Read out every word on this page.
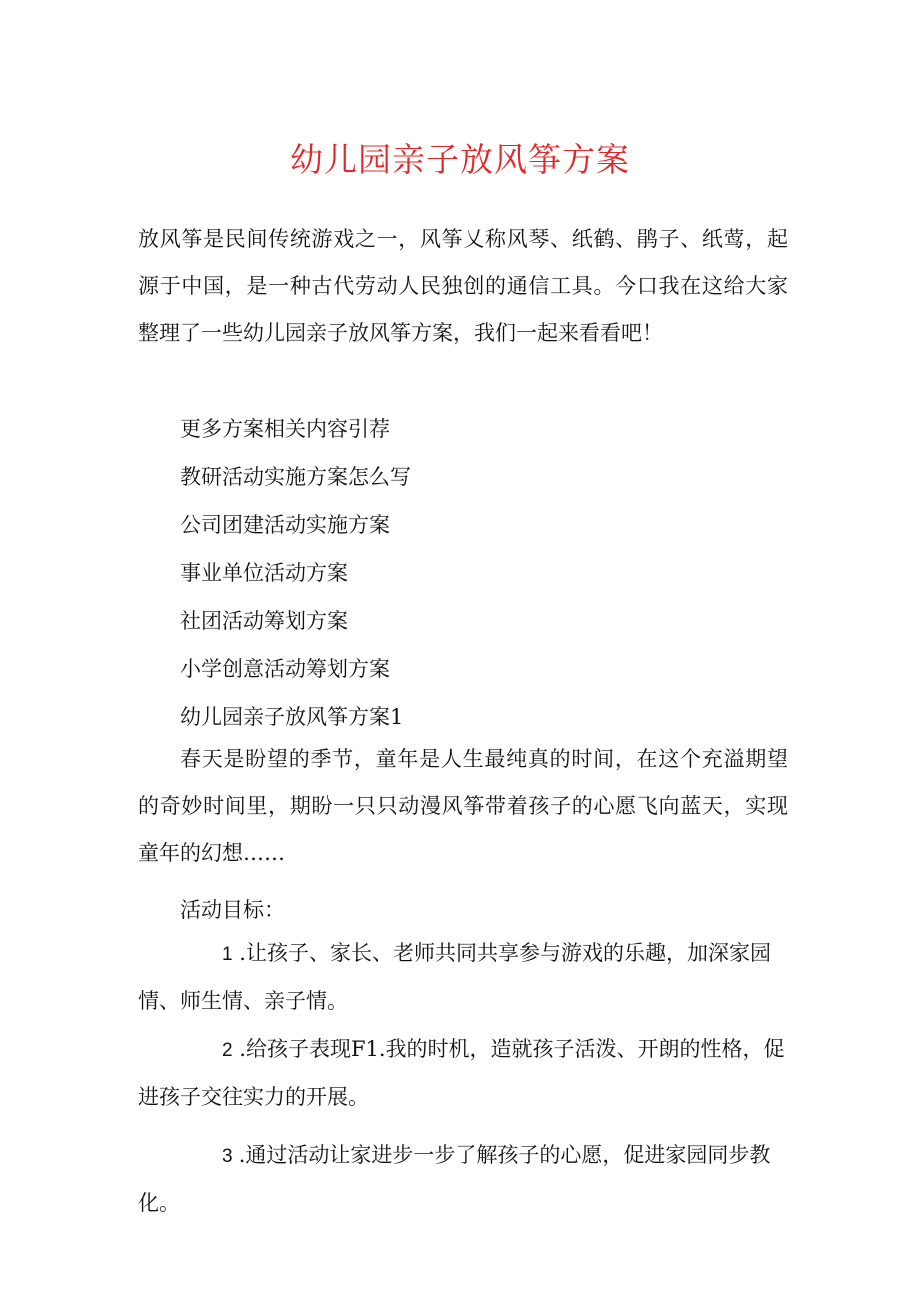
幼儿园亲子放风筝方案

放风筝是民间传统游戏之一，风筝乂称风琴、纸鹤、鹃子、纸莺，起源于中国，是一种古代劳动人民独创的通信工具。今口我在这给大家整理了一些幼儿园亲子放风筝方案，我们一起来看看吧！

更多方案相关内容引荐

教研活动实施方案怎么写

公司团建活动实施方案

事业单位活动方案

社团活动筹划方案

小学创意活动筹划方案

幼儿园亲子放风筝方案1

春天是盼望的季节，童年是人生最纯真的时间，在这个充溢期望的奇妙时间里，期盼一只只动漫风筝带着孩子的心愿飞向蓝天，实现童年的幻想……

活动目标：

1 .让孩子、家长、老师共同共享参与游戏的乐趣，加深家园情、师生情、亲子情。

2 .给孩子表现F1.我的时机，造就孩子活泼、开朗的性格，促进孩子交往实力的开展。

3 .通过活动让家进步一步了解孩子的心愿，促进家园同步教化。
